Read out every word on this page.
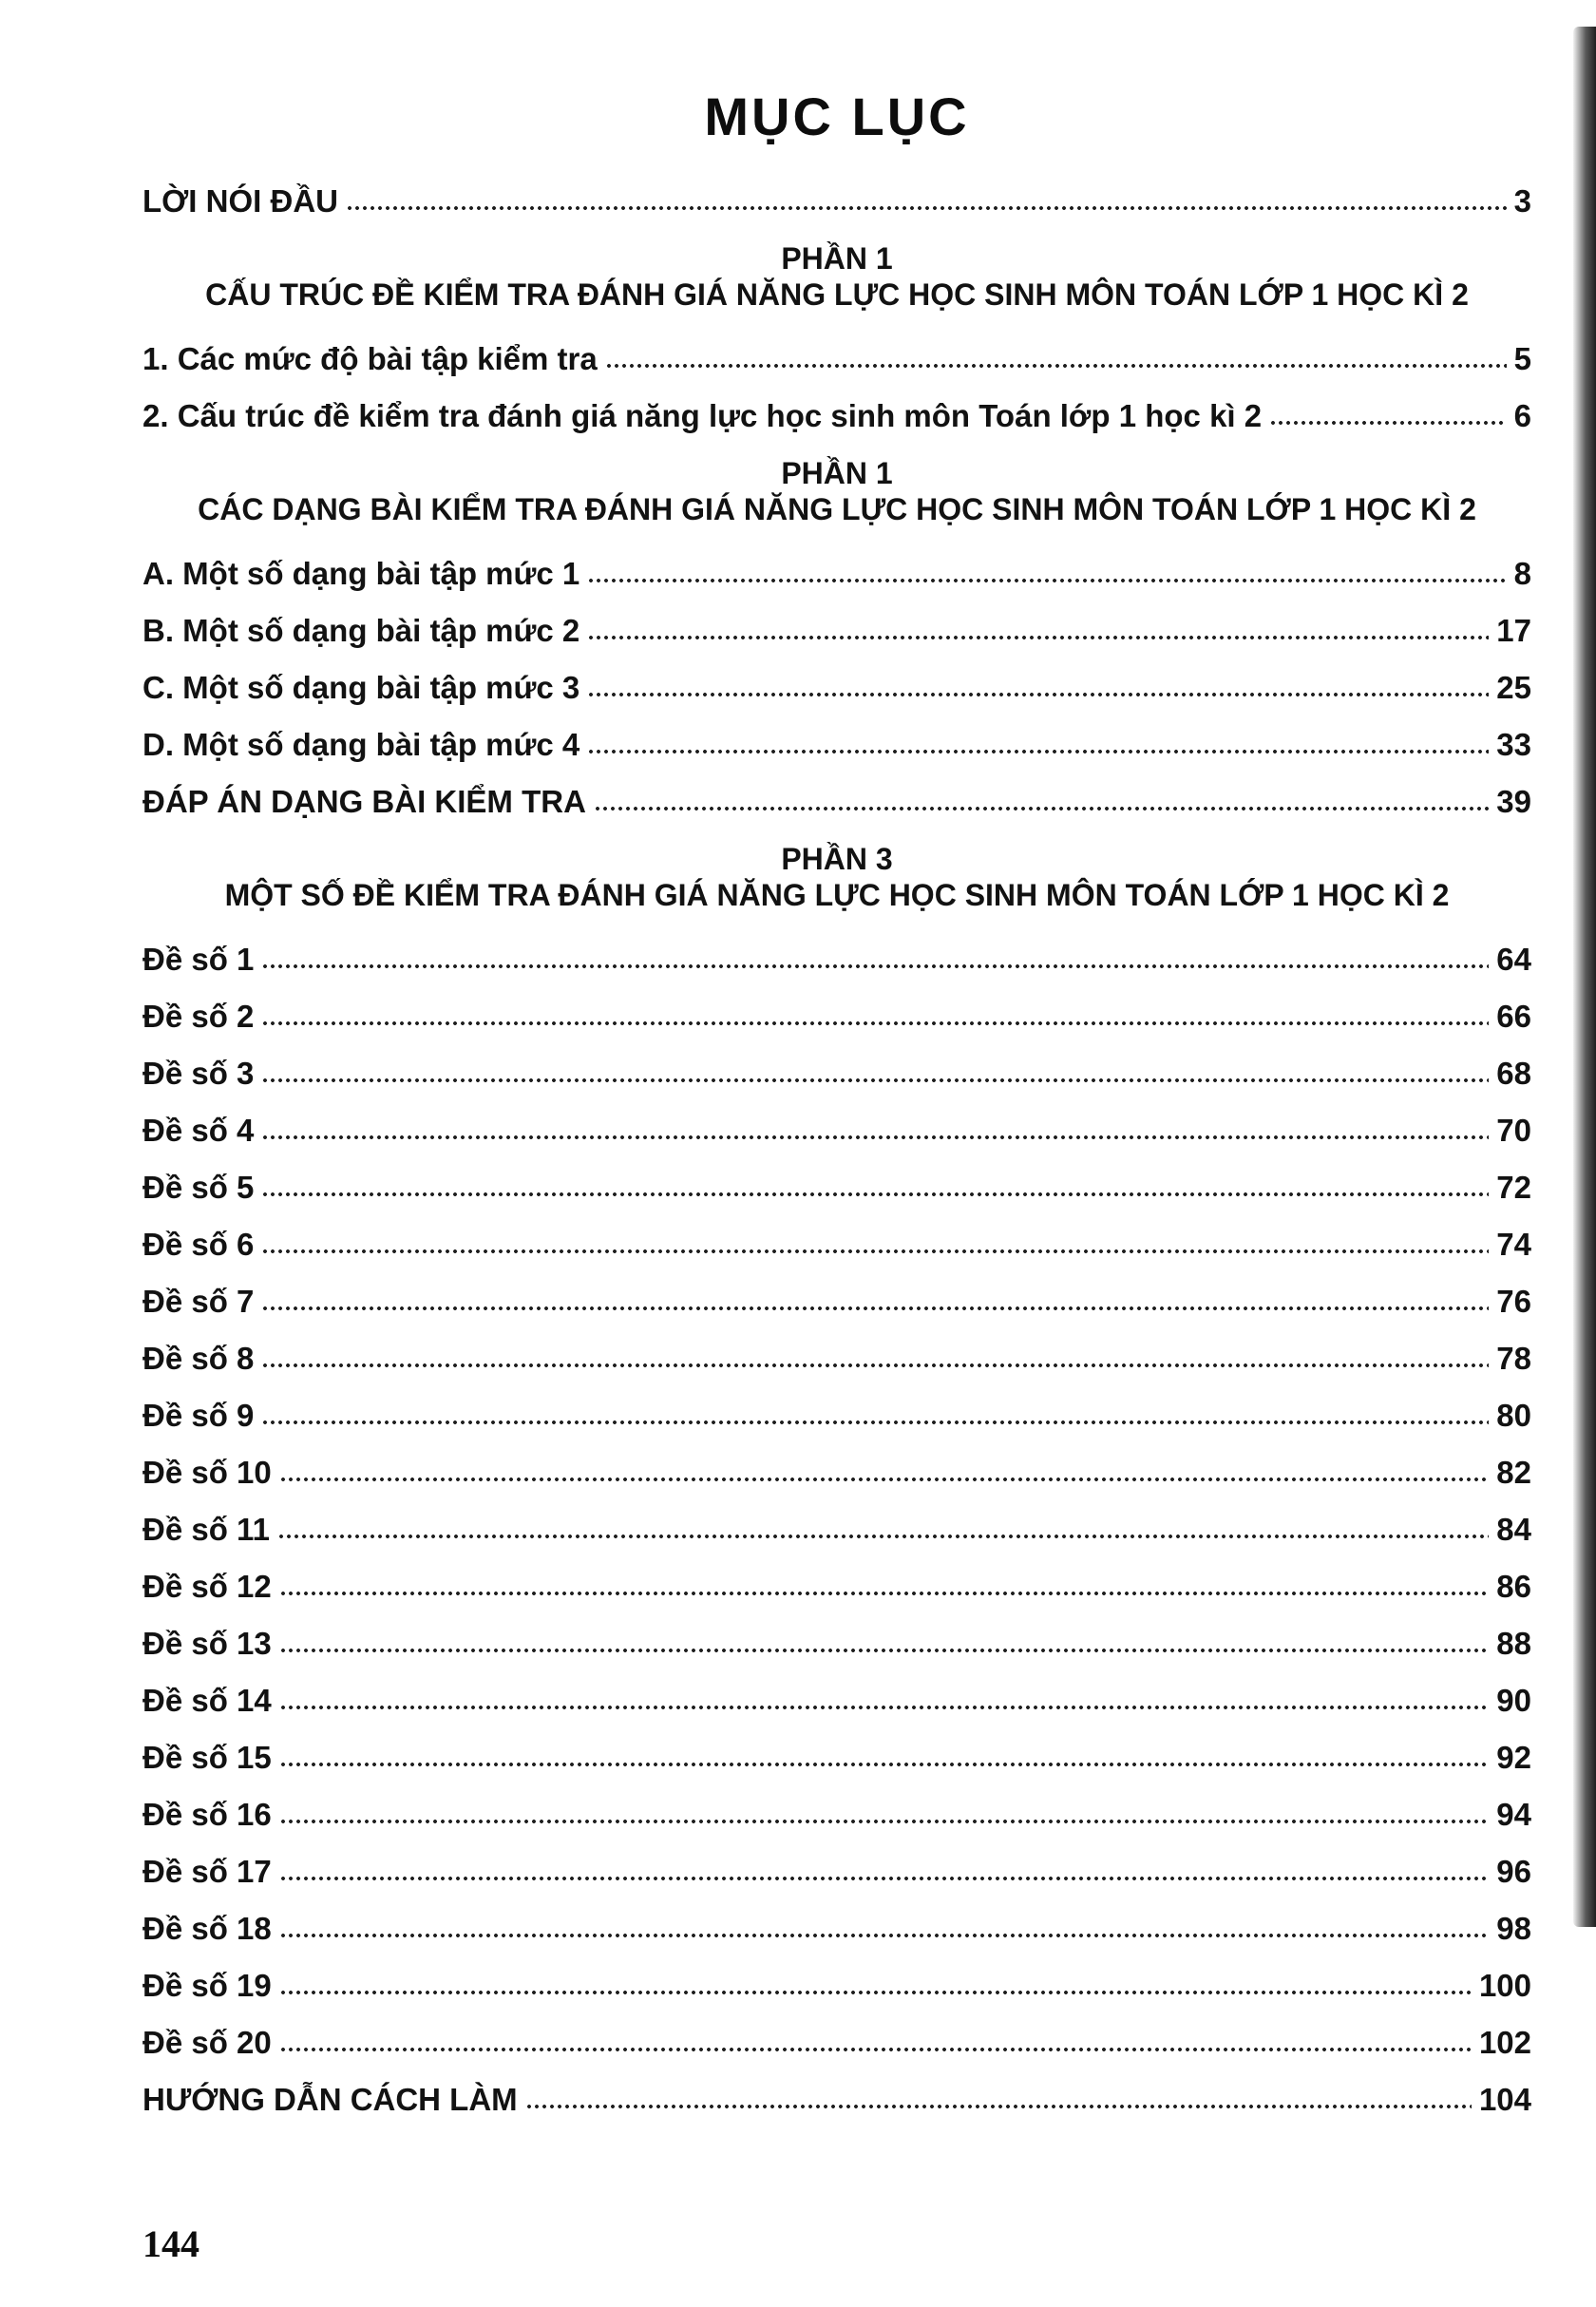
MỤC LỤC
LỜI NÓI ĐẦU	3
PHẦN 1
CẤU TRÚC ĐỀ KIỂM TRA ĐÁNH GIÁ NĂNG LỰC HỌC SINH MÔN TOÁN LỚP 1 HỌC KÌ 2
1. Các mức độ bài tập kiểm tra	5
2. Cấu trúc đề kiểm tra đánh giá năng lực học sinh môn Toán lớp 1 học kì 2	6
PHẦN 1
CÁC DẠNG BÀI KIỂM TRA ĐÁNH GIÁ NĂNG LỰC HỌC SINH MÔN TOÁN LỚP 1 HỌC KÌ 2
A. Một số dạng bài tập mức 1	8
B. Một số dạng bài tập mức 2	17
C. Một số dạng bài tập mức 3	25
D. Một số dạng bài tập mức 4	33
ĐÁP ÁN DẠNG BÀI KIỂM TRA	39
PHẦN 3
MỘT SỐ ĐỀ KIỂM TRA ĐÁNH GIÁ NĂNG LỰC HỌC SINH MÔN TOÁN LỚP 1 HỌC KÌ 2
Đề số 1	64
Đề số 2	66
Đề số 3	68
Đề số 4	70
Đề số 5	72
Đề số 6	74
Đề số 7	76
Đề số 8	78
Đề số 9	80
Đề số 10	82
Đề số 11	84
Đề số 12	86
Đề số 13	88
Đề số 14	90
Đề số 15	92
Đề số 16	94
Đề số 17	96
Đề số 18	98
Đề số 19	100
Đề số 20	102
HƯỚNG DẪN CÁCH LÀM	104
144
